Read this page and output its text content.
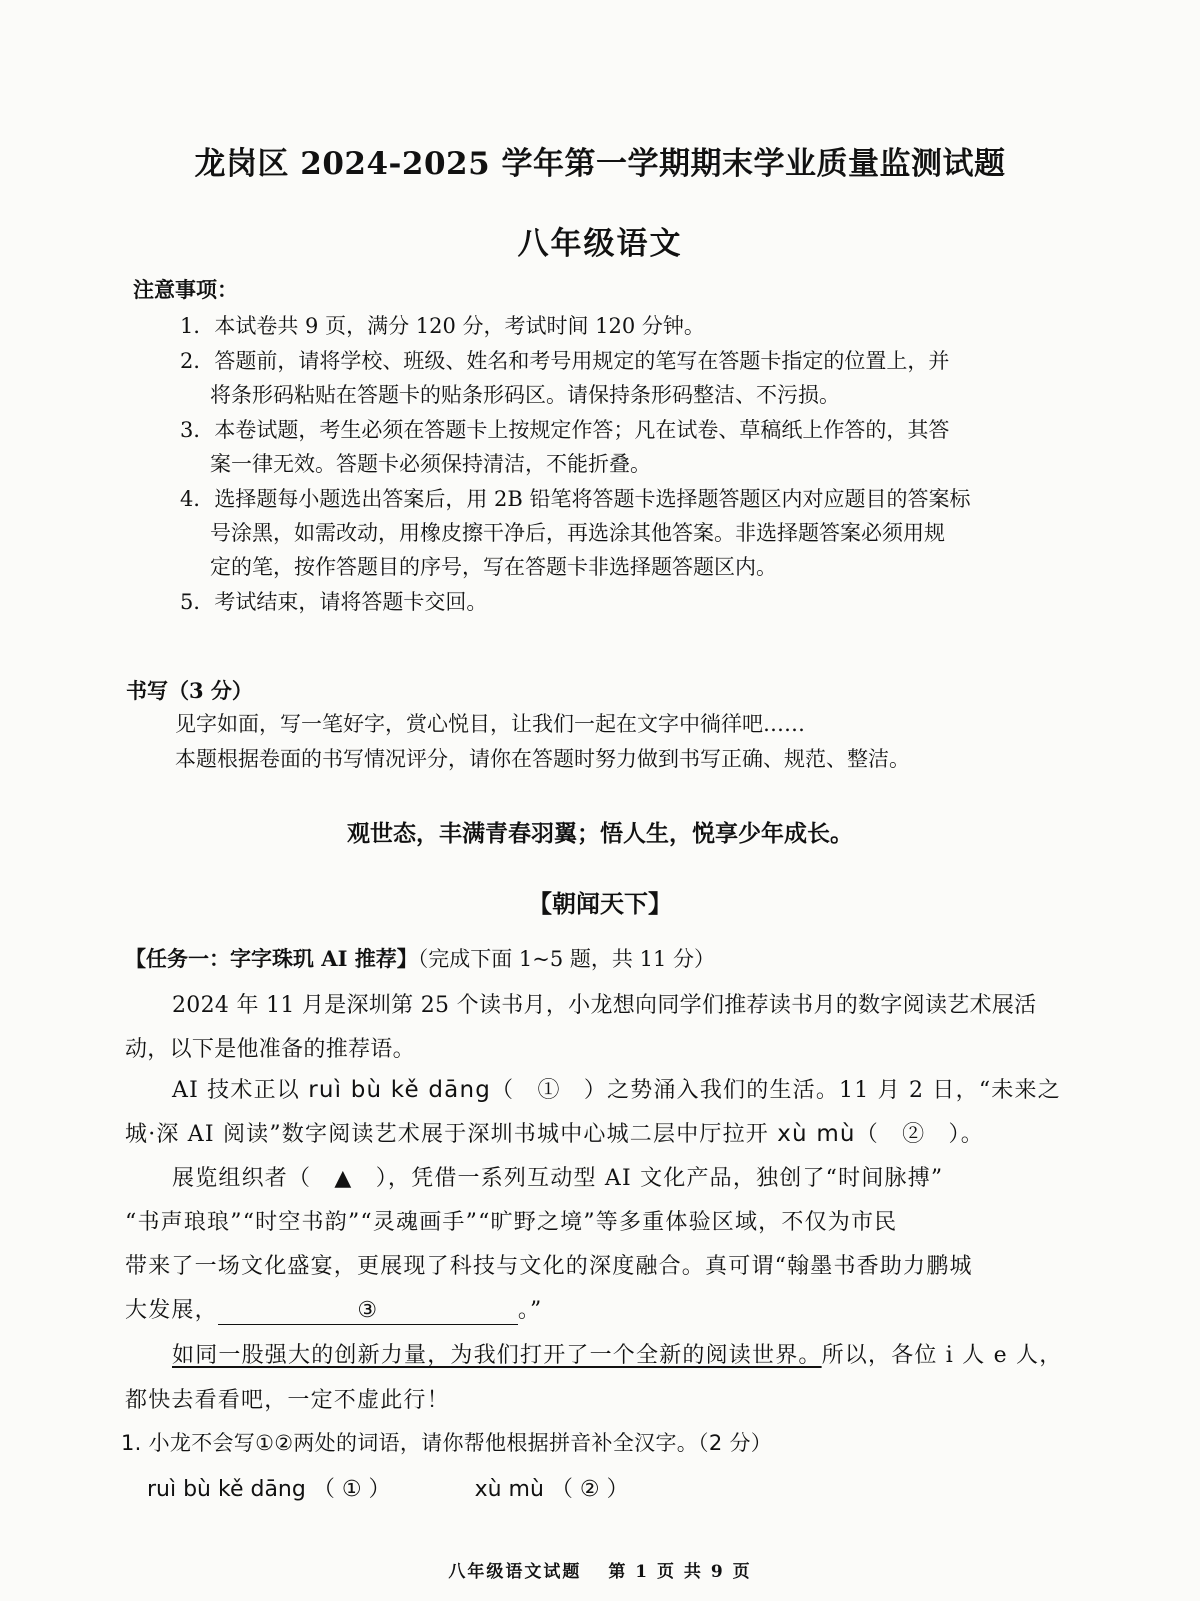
龙岗区 2024-2025 学年第一学期期末学业质量监测试题
八年级语文
注意事项：
1．本试卷共 9 页，满分 120 分，考试时间 120 分钟。
2．答题前，请将学校、班级、姓名和考号用规定的笔写在答题卡指定的位置上，并
将条形码粘贴在答题卡的贴条形码区。请保持条形码整洁、不污损。
3．本卷试题，考生必须在答题卡上按规定作答；凡在试卷、草稿纸上作答的，其答
案一律无效。答题卡必须保持清洁，不能折叠。
4．选择题每小题选出答案后，用 2B 铅笔将答题卡选择题答题区内对应题目的答案标
号涂黑，如需改动，用橡皮擦干净后，再选涂其他答案。非选择题答案必须用规
定的笔，按作答题目的序号，写在答题卡非选择题答题区内。
5．考试结束，请将答题卡交回。
书写（3 分）
见字如面，写一笔好字，赏心悦目，让我们一起在文字中徜徉吧……
本题根据卷面的书写情况评分，请你在答题时努力做到书写正确、规范、整洁。
观世态，丰满青春羽翼；悟人生，悦享少年成长。
【朝闻天下】
【任务一：字字珠玑 AI 推荐】（完成下面 1~5 题，共 11 分）
2024 年 11 月是深圳第 25 个读书月，小龙想向同学们推荐读书月的数字阅读艺术展活
动，以下是他准备的推荐语。
AI 技术正以 ruì bù kě dāng（　①　）之势涌入我们的生活。11 月 2 日，“未来之
城·深 AI 阅读”数字阅读艺术展于深圳书城中心城二层中厅拉开 xù mù（　②　）。
展览组织者（　▲　），凭借一系列互动型 AI 文化产品，独创了“时间脉搏”
“书声琅琅”“时空书韵”“灵魂画手”“旷野之境”等多重体验区域，不仅为市民
带来了一场文化盛宴，更展现了科技与文化的深度融合。真可谓“翰墨书香助力鹏城
大发展，	③	。”
如同一股强大的创新力量，为我们打开了一个全新的阅读世界。所以，各位 i 人 e 人，
都快去看看吧，一定不虚此行！
1. 小龙不会写①②两处的词语，请你帮他根据拼音补全汉字。（2 分）
ruì bù kě dāng （ ① ）	xù mù （ ② ）
八年级语文试题　 第 1 页 共 9 页
